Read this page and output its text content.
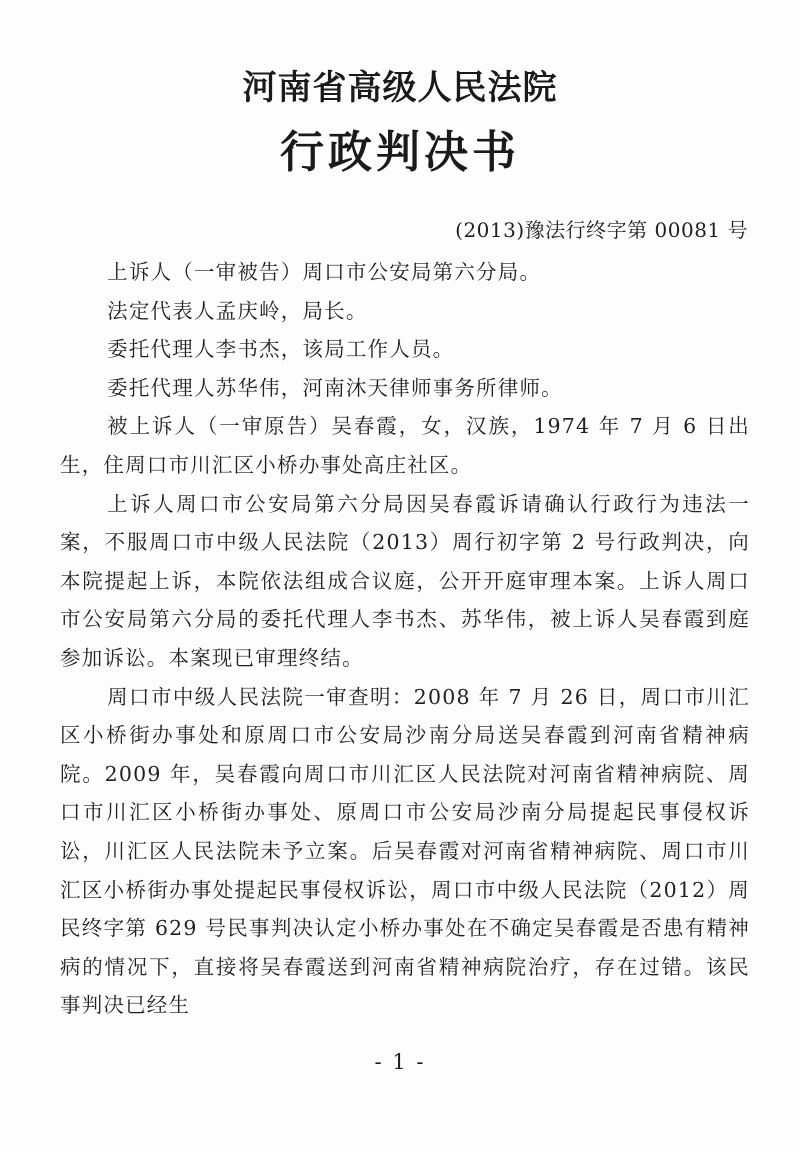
河南省高级人民法院
行政判决书
(2013)豫法行终字第 00081 号

上诉人（一审被告）周口市公安局第六分局。

法定代表人孟庆岭，局长。

委托代理人李书杰，该局工作人员。

委托代理人苏华伟，河南沐天律师事务所律师。

被上诉人（一审原告）吴春霞，女，汉族，1974 年 7 月 6 日出生，住周口市川汇区小桥办事处高庄社区。

上诉人周口市公安局第六分局因吴春霞诉请确认行政行为违法一案，不服周口市中级人民法院（2013）周行初字第 2 号行政判决，向本院提起上诉，本院依法组成合议庭，公开开庭审理本案。上诉人周口市公安局第六分局的委托代理人李书杰、苏华伟，被上诉人吴春霞到庭参加诉讼。本案现已审理终结。

周口市中级人民法院一审查明：2008 年 7 月 26 日，周口市川汇区小桥街办事处和原周口市公安局沙南分局送吴春霞到河南省精神病院。2009 年，吴春霞向周口市川汇区人民法院对河南省精神病院、周口市川汇区小桥街办事处、原周口市公安局沙南分局提起民事侵权诉讼，川汇区人民法院未予立案。后吴春霞对河南省精神病院、周口市川汇区小桥街办事处提起民事侵权诉讼，周口市中级人民法院（2012）周民终字第 629 号民事判决认定小桥办事处在不确定吴春霞是否患有精神病的情况下，直接将吴春霞送到河南省精神病院治疗，存在过错。该民事判决已经生

- 1 -
